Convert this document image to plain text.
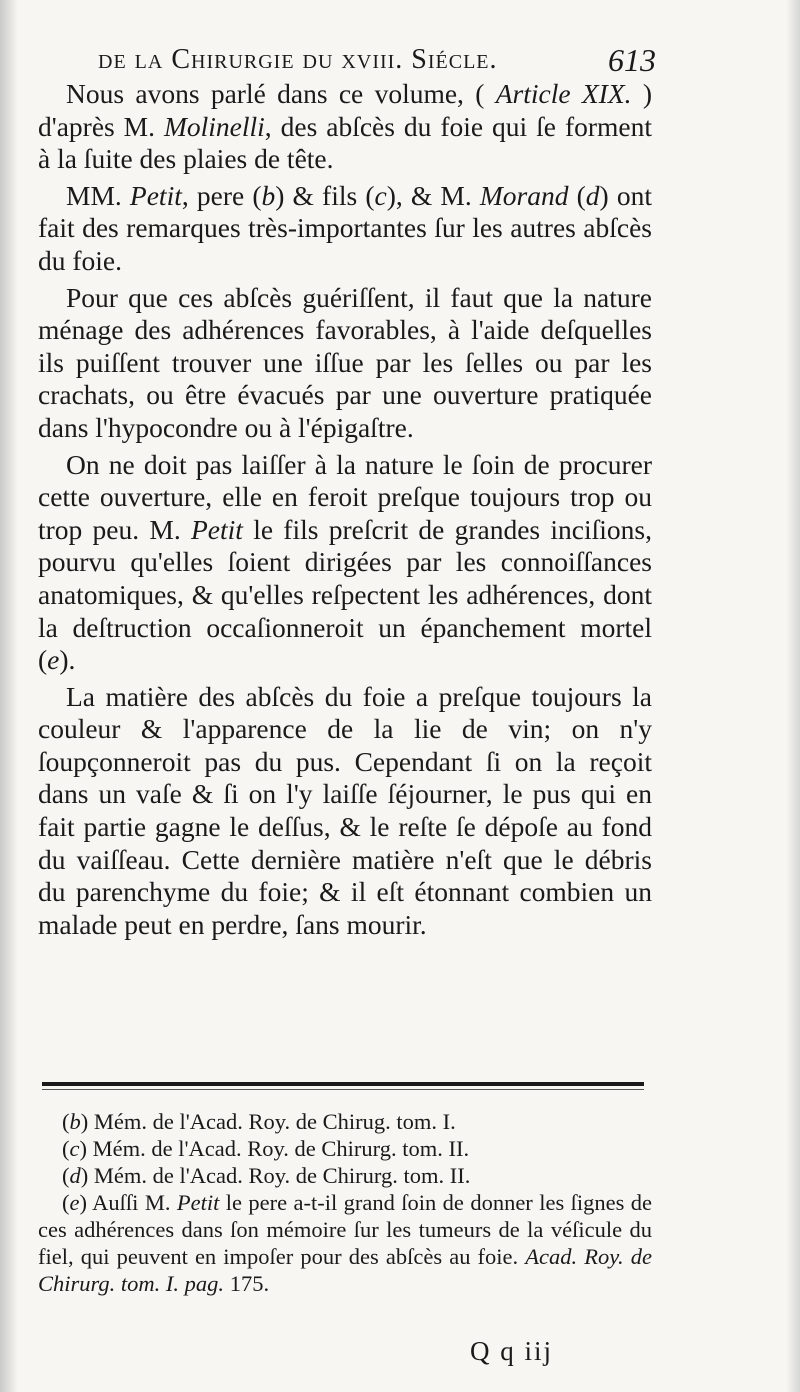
de la Chirurgie du xviii. Siécle.	613

Nous avons parlé dans ce volume, ( Article XIX. ) d'après M. Molinelli, des abſcès du foie qui ſe forment à la ſuite des plaies de tête.

MM. Petit, pere (b) & fils (c), & M. Morand (d) ont fait des remarques très-importantes ſur les autres abſcès du foie.

Pour que ces abſcès guériſſent, il faut que la nature ménage des adhérences favorables, à l'aide deſquelles ils puiſſent trouver une iſſue par les ſelles ou par les crachats, ou être évacués par une ouverture pratiquée dans l'hypocondre ou à l'épigaſtre.

On ne doit pas laiſſer à la nature le ſoin de procurer cette ouverture, elle en feroit preſque toujours trop ou trop peu. M. Petit le fils preſcrit de grandes inciſions, pourvu qu'elles ſoient dirigées par les connoiſſances anatomiques, & qu'elles reſpectent les adhérences, dont la deſtruction occaſionneroit un épanchement mortel (e).

La matière des abſcès du foie a preſque toujours la couleur & l'apparence de la lie de vin; on n'y ſoupçonneroit pas du pus. Cependant ſi on la reçoit dans un vaſe & ſi on l'y laiſſe ſéjourner, le pus qui en fait partie gagne le deſſus, & le reſte ſe dépoſe au fond du vaiſſeau. Cette dernière matière n'eſt que le débris du parenchyme du foie; & il eſt étonnant combien un malade peut en perdre, ſans mourir.

(b) Mém. de l'Acad. Roy. de Chirug. tom. I.

(c) Mém. de l'Acad. Roy. de Chirurg. tom. II.

(d) Mém. de l'Acad. Roy. de Chirurg. tom. II.

(e) Auſſi M. Petit le pere a-t-il grand ſoin de donner les ſignes de ces adhérences dans ſon mémoire ſur les tumeurs de la véſicule du fiel, qui peuvent en impoſer pour des abſcès au foie. Acad. Roy. de Chirurg. tom. I. pag. 175.

Q q iij
